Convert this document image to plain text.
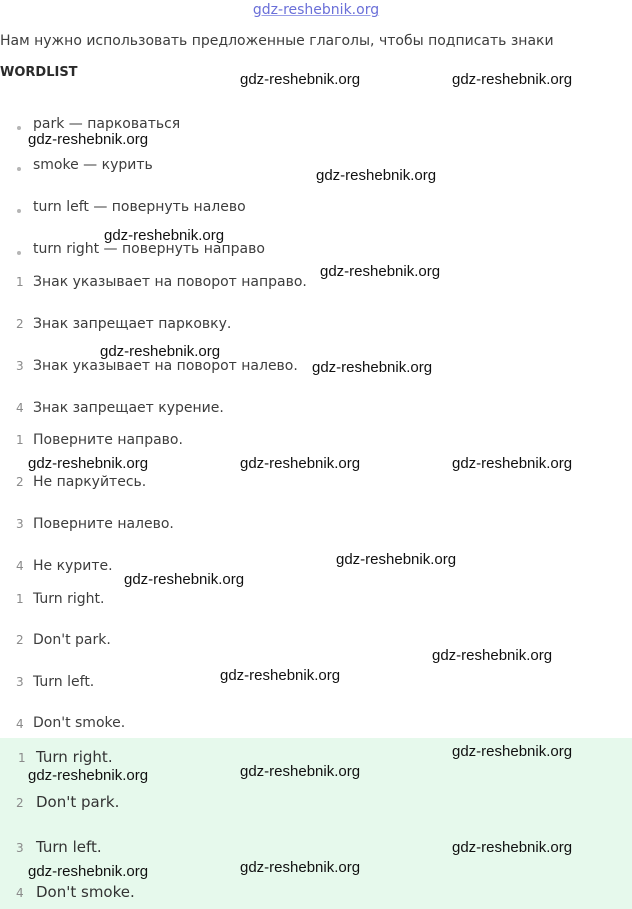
gdz-reshebnik.org
Нам нужно использовать предложенные глаголы, чтобы подписать знаки
WORDLIST
park — парковаться
smoke — курить
turn left — повернуть налево
turn right — повернуть направо
1 Знак указывает на поворот направо.
2 Знак запрещает парковку.
3 Знак указывает на поворот налево.
4 Знак запрещает курение.
1 Поверните направо.
2 Не паркуйтесь.
3 Поверните налево.
4 Не курите.
1 Turn right.
2 Don't park.
3 Turn left.
4 Don't smoke.
1 Turn right.
2 Don't park.
3 Turn left.
4 Don't smoke.
gdz-reshebnik.org	gdz-reshebnik.org
gdz-reshebnik.org
gdz-reshebnik.org
gdz-reshebnik.org
gdz-reshebnik.org
gdz-reshebnik.org
gdz-reshebnik.org
gdz-reshebnik.org	gdz-reshebnik.org	gdz-reshebnik.org
gdz-reshebnik.org
gdz-reshebnik.org
gdz-reshebnik.org
gdz-reshebnik.org
gdz-reshebnik.org
gdz-reshebnik.org
gdz-reshebnik.org
gdz-reshebnik.org
gdz-reshebnik.org
gdz-reshebnik.org
